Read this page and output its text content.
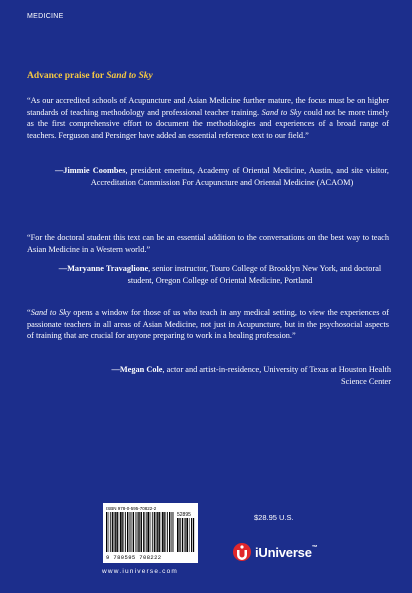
MEDICINE
Advance praise for Sand to Sky
“As our accredited schools of Acupuncture and Asian Medicine further mature, the focus must be on higher standards of teaching methodology and professional teacher training. Sand to Sky could not be more timely as the first comprehensive effort to document the methodologies and experiences of a broad range of teachers. Ferguson and Persinger have added an essential reference text to our field.”
—Jimmie Coombes, president emeritus, Academy of Oriental Medicine, Austin, and site visitor, Accreditation Commission For Acupuncture and Oriental Medicine (ACAOM)
“For the doctoral student this text can be an essential addition to the conversations on the best way to teach Asian Medicine in a Western world.”
—Maryanne Travaglione, senior instructor, Touro College of Brooklyn New York, and doctoral student, Oregon College of Oriental Medicine, Portland
“Sand to Sky opens a window for those of us who teach in any medical setting, to view the experiences of passionate teachers in all areas of Asian Medicine, not just in Acupuncture, but in the psychosocial aspects of training that are crucial for anyone preparing to work in a healing profession.”
—Megan Cole, actor and artist-in-residence, University of Texas at Houston Health Science Center
ISBN 978-0-595-70822-2
52895
9 780595 708222
www.iuniverse.com
$28.95 U.S.
iUniverse™
